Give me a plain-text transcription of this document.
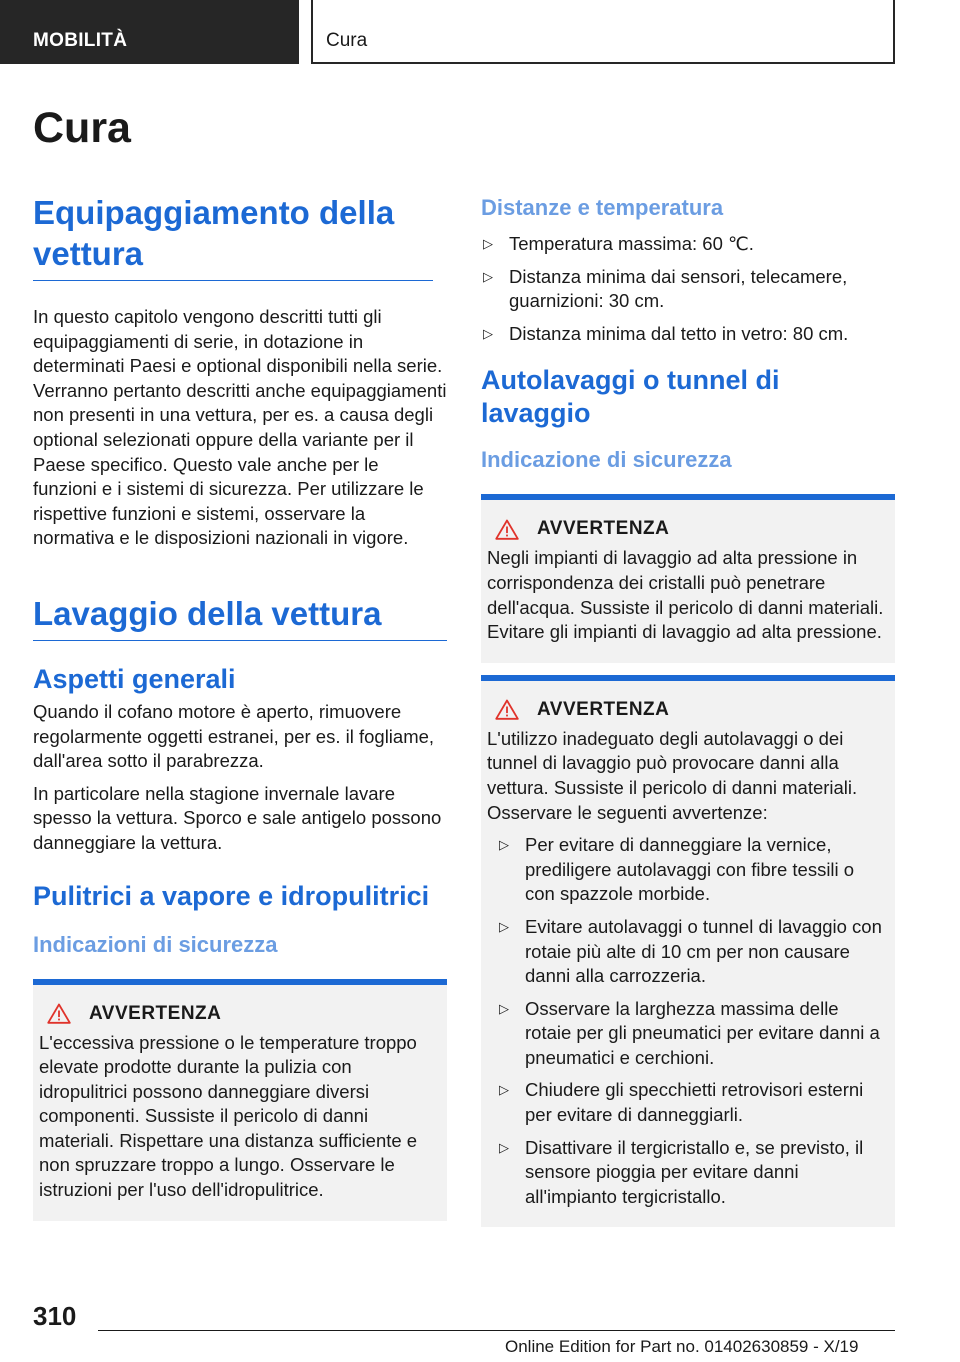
MOBILITÀ	Cura
Cura
Equipaggiamento della vettura
In questo capitolo vengono descritti tutti gli equipaggiamenti di serie, in dotazione in determinati Paesi e optional disponibili nella serie. Verranno pertanto descritti anche equipaggiamenti non presenti in una vettura, per es. a causa degli optional selezionati oppure della variante per il Paese specifico. Questo vale anche per le funzioni e i sistemi di sicurezza. Per utilizzare le rispettive funzioni e sistemi, osservare la normativa e le disposizioni nazionali in vigore.
Lavaggio della vettura
Aspetti generali
Quando il cofano motore è aperto, rimuovere regolarmente oggetti estranei, per es. il fogliame, dall'area sotto il parabrezza.
In particolare nella stagione invernale lavare spesso la vettura. Sporco e sale antigelo possono danneggiare la vettura.
Pulitrici a vapore e idropulitrici
Indicazioni di sicurezza
AVVERTENZA
L'eccessiva pressione o le temperature troppo elevate prodotte durante la pulizia con idropulitrici possono danneggiare diversi componenti. Sussiste il pericolo di danni materiali. Rispettare una distanza sufficiente e non spruzzare troppo a lungo. Osservare le istruzioni per l'uso dell'idropulitrice.
Distanze e temperatura
▷ Temperatura massima: 60 ℃.
▷ Distanza minima dai sensori, telecamere, guarnizioni: 30 cm.
▷ Distanza minima dal tetto in vetro: 80 cm.
Autolavaggi o tunnel di lavaggio
Indicazione di sicurezza
AVVERTENZA
Negli impianti di lavaggio ad alta pressione in corrispondenza dei cristalli può penetrare dell'acqua. Sussiste il pericolo di danni materiali. Evitare gli impianti di lavaggio ad alta pressione.
AVVERTENZA
L'utilizzo inadeguato degli autolavaggi o dei tunnel di lavaggio può provocare danni alla vettura. Sussiste il pericolo di danni materiali. Osservare le seguenti avvertenze:
▷ Per evitare di danneggiare la vernice, prediligere autolavaggi con fibre tessili o con spazzole morbide.
▷ Evitare autolavaggi o tunnel di lavaggio con rotaie più alte di 10 cm per non causare danni alla carrozzeria.
▷ Osservare la larghezza massima delle rotaie per gli pneumatici per evitare danni a pneumatici e cerchioni.
▷ Chiudere gli specchietti retrovisori esterni per evitare di danneggiarli.
▷ Disattivare il tergicristallo e, se previsto, il sensore pioggia per evitare danni all'impianto tergicristallo.
310
Online Edition for Part no. 01402630859 - X/19
